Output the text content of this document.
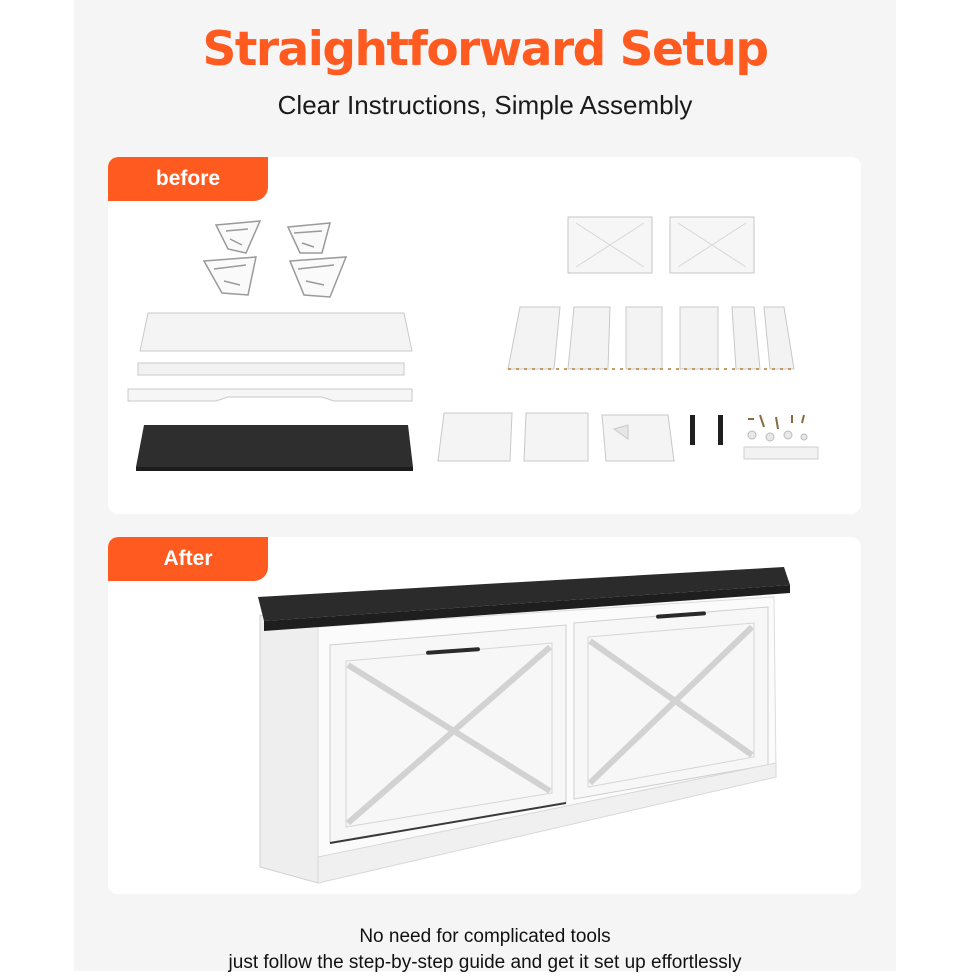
Straightforward Setup
Clear Instructions, Simple Assembly
before
After
No need for complicated tools
just follow the step-by-step guide and get it set up effortlessly
